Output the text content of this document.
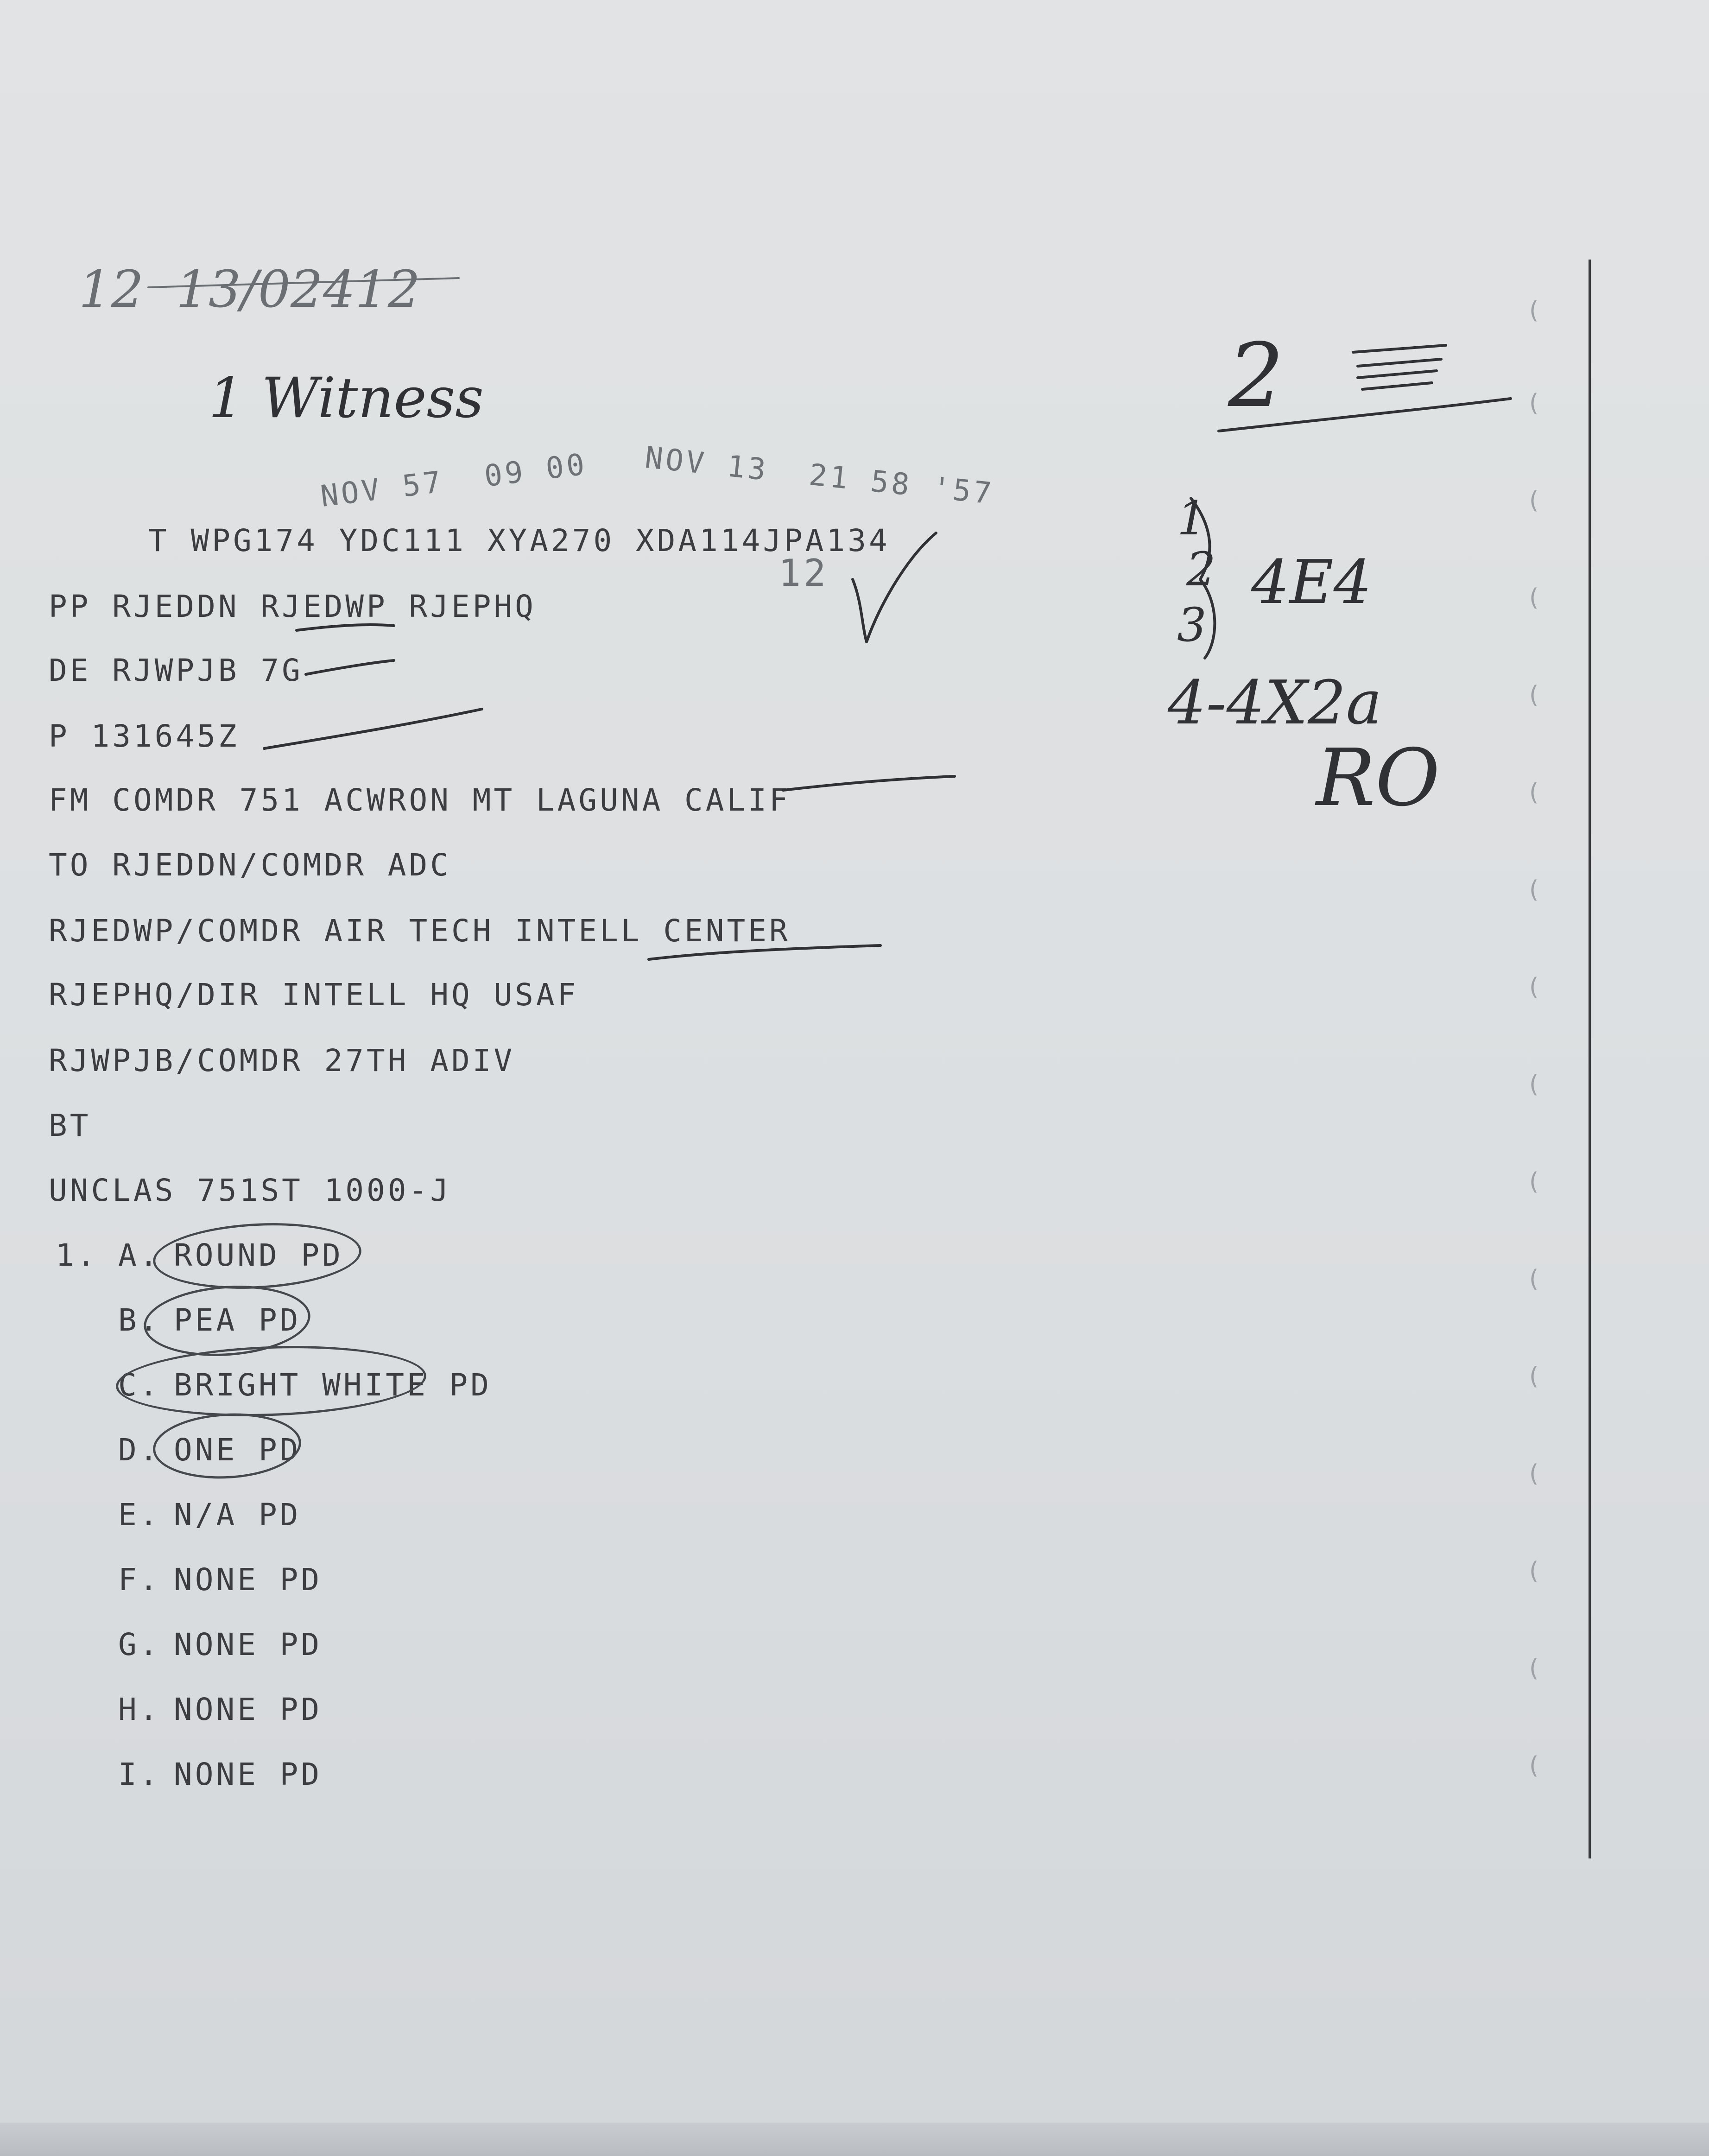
12  13/02412
1 Witness	2
1
2
3
4E4
4-4X2a
RO
NOV 57  09 00 NOV 13  21 58 '57
12
T WPG174 YDC111 XYA270 XDA114JPA134
PP RJEDDN RJEDWP RJEPHQ
DE RJWPJB 7G
P 131645Z
FM COMDR 751 ACWRON MT LAGUNA CALIF
TO RJEDDN/COMDR ADC
RJEDWP/COMDR AIR TECH INTELL CENTER
RJEPHQ/DIR INTELL HQ USAF
RJWPJB/COMDR 27TH ADIV
BT
UNCLAS 751ST 1000-J
1. A. ROUND PD
B. PEA PD
C. BRIGHT WHITE PD
D. ONE PD
E. N/A PD
F. NONE PD
G. NONE PD
H. NONE PD
I. NONE PD
(
(
(
(
(
(
(
(
(
(
(
(
(
(
(
(
